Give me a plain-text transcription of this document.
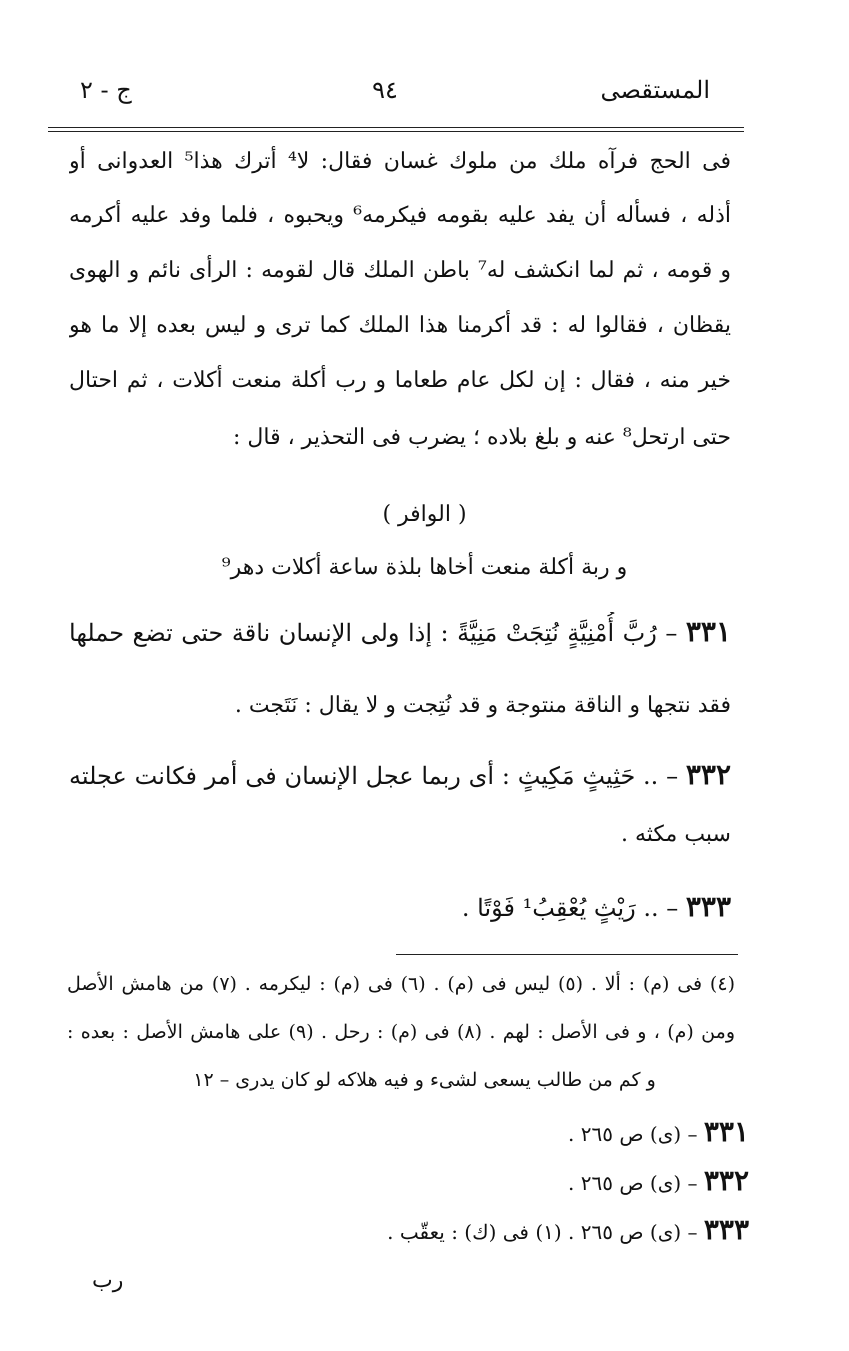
المستقصى
٩٤
ج - ٢
فى الحج فرآه ملك من ملوك غسان فقال: لا⁴ أترك هذا⁵ العدوانى أو
أذله ، فسأله أن يفد عليه بقومه فيكرمه⁶ ويحبوه ، فلما وفد عليه أكرمه
و قومه ، ثم لما انكشف له⁷ باطن الملك قال لقومه : الرأى نائم و الهوى
يقظان ، فقالوا له : قد أكرمنا هذا الملك كما ترى و ليس بعده إلا ما هو
خير منه ، فقال : إن لكل عام طعاما و رب أكلة منعت أكلات ، ثم احتال
حتى ارتحل⁸ عنه و بلغ بلاده ؛ يضرب فى التحذير ، قال :
( الوافر )
و ربة أكلة منعت أخاها بلذة ساعة أكلات دهر⁹
٣٣١ – رُبَّ أُمْنِيَّةٍ نُتِجَتْ مَنِيَّةً : إذا ولى الإنسان ناقة حتى تضع حملها
فقد نتجها و الناقة منتوجة و قد نُتِجت و لا يقال : نَتَجت .
٣٣٢ – .. حَثِيثٍ مَكِيثٍ : أى ربما عجل الإنسان فى أمر فكانت عجلته
سبب مكثه .
٣٣٣ – .. رَيْثٍ يُعْقِبُ¹ فَوْتًا .
(٤) فى (م) : ألا . (٥) ليس فى (م) . (٦) فى (م) : ليكرمه . (٧) من هامش الأصل
ومن (م) ، و فى الأصل : لهم . (٨) فى (م) : رحل . (٩) على هامش الأصل : بعده :
و كم من طالب يسعى لشىء و فيه هلاكه لو كان يدرى – ١٢
٣٣١ – (ى) ص ٢٦٥ .
٣٣٢ – (ى) ص ٢٦٥ .
٣٣٣ – (ى) ص ٢٦٥ . (١) فى (ك) : يعقّب .
رب
